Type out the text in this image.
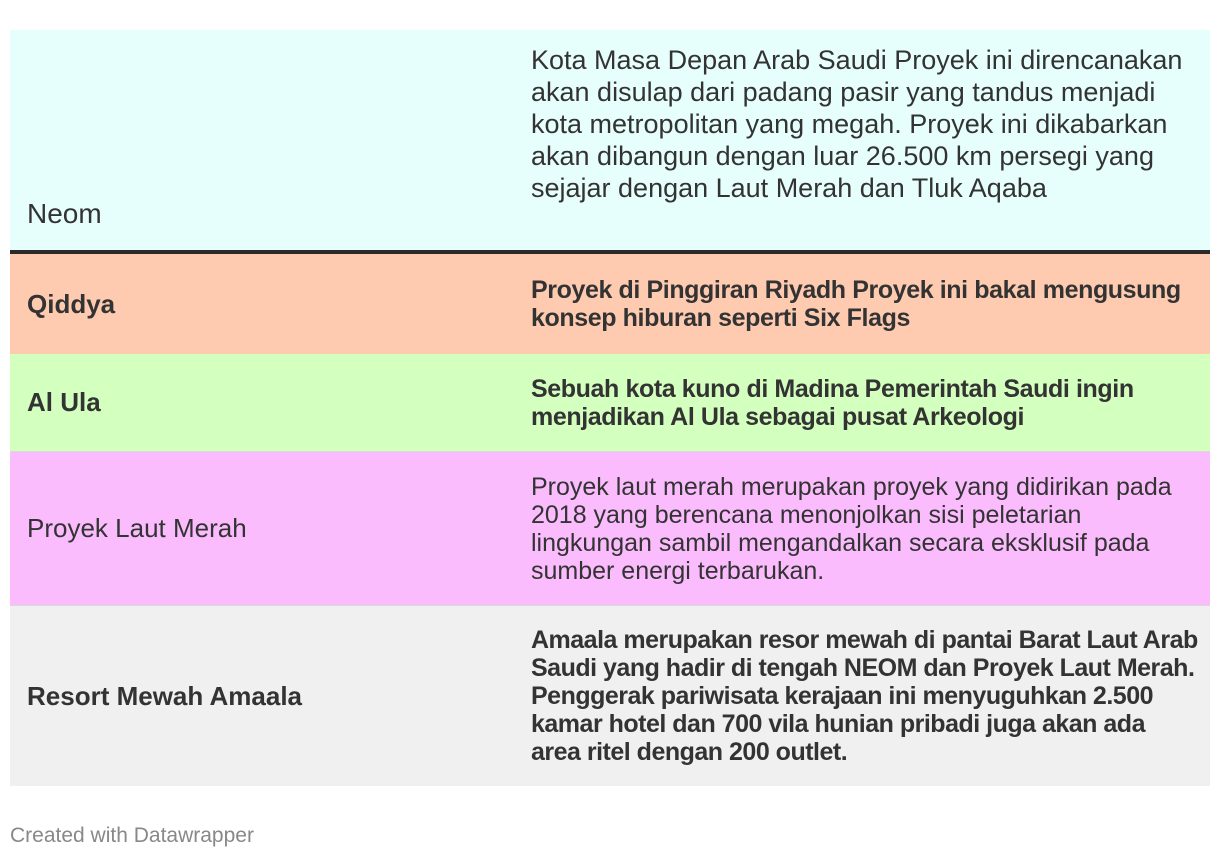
Neom
Kota Masa Depan Arab Saudi Proyek ini direncanakan akan disulap dari padang pasir yang tandus menjadi kota metropolitan yang megah. Proyek ini dikabarkan akan dibangun dengan luar 26.500 km persegi yang sejajar dengan Laut Merah dan Tluk Aqaba
Qiddya	Proyek di Pinggiran Riyadh Proyek ini bakal mengusung konsep hiburan seperti Six Flags
Al Ula	Sebuah kota kuno di Madina Pemerintah Saudi ingin menjadikan Al Ula sebagai pusat Arkeologi
Proyek Laut Merah
Proyek laut merah merupakan proyek yang didirikan pada 2018 yang berencana menonjolkan sisi peletarian lingkungan sambil mengandalkan secara eksklusif pada sumber energi terbarukan.
Resort Mewah Amaala
Amaala merupakan resor mewah di pantai Barat Laut Arab Saudi yang hadir di tengah NEOM dan Proyek Laut Merah. Penggerak pariwisata kerajaan ini menyuguhkan 2.500 kamar hotel dan 700 vila hunian pribadi juga akan ada area ritel dengan 200 outlet.
Created with Datawrapper
